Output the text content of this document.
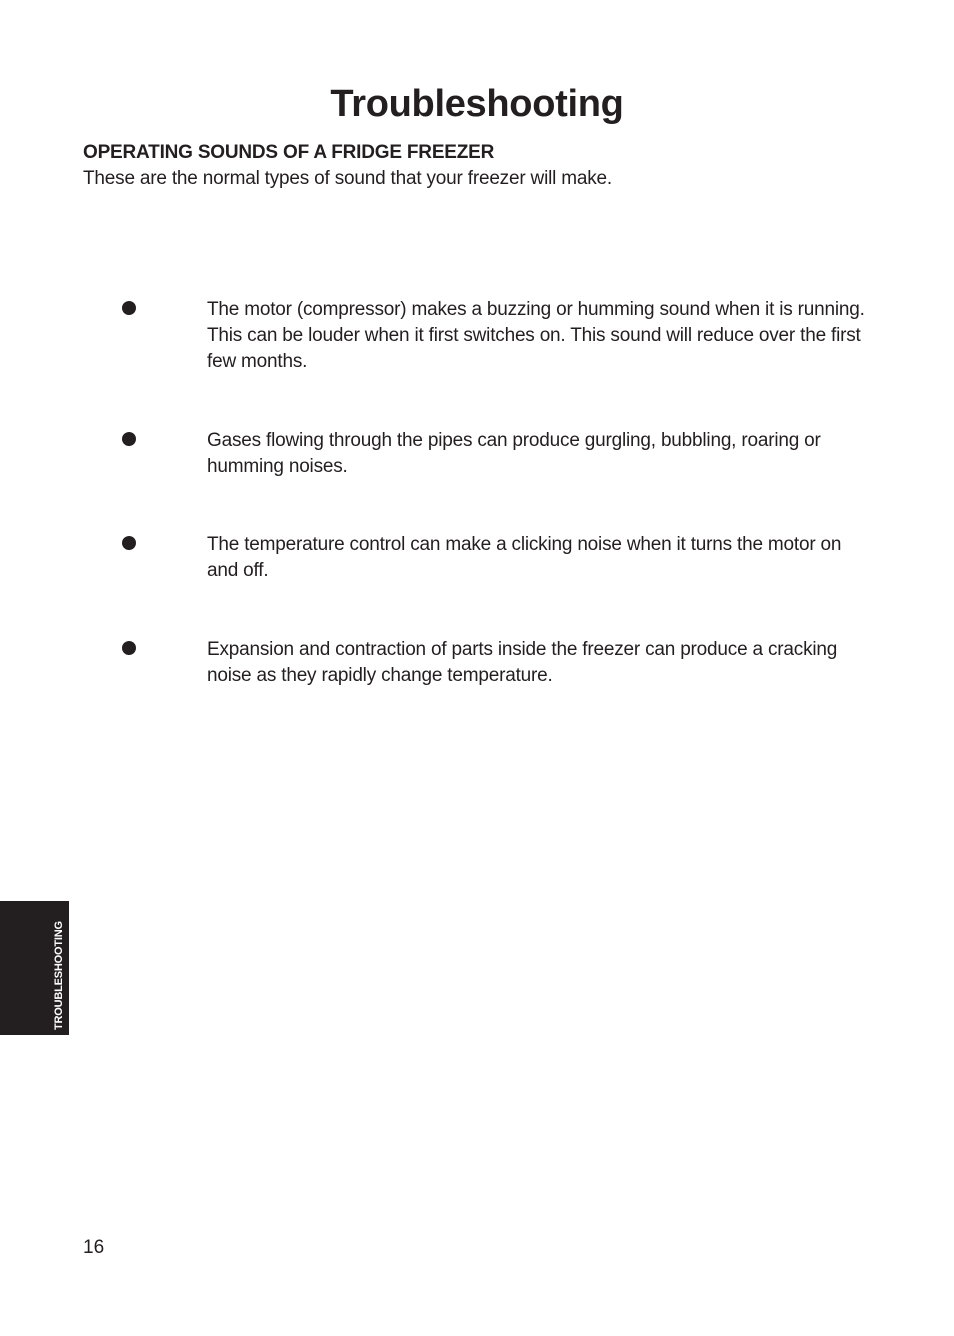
Troubleshooting
OPERATING SOUNDS OF A FRIDGE FREEZER
These are the normal types of sound that your freezer will make.
The motor (compressor) makes a buzzing or humming sound when it is running. This can be louder when it first switches on. This sound will reduce over the first few months.
Gases flowing through the pipes can produce gurgling, bubbling, roaring or humming noises.
The temperature control can make a clicking noise when it turns the motor on and off.
Expansion and contraction of parts inside the freezer can produce a cracking noise as they rapidly change temperature.
TROUBLESHOOTING
16
